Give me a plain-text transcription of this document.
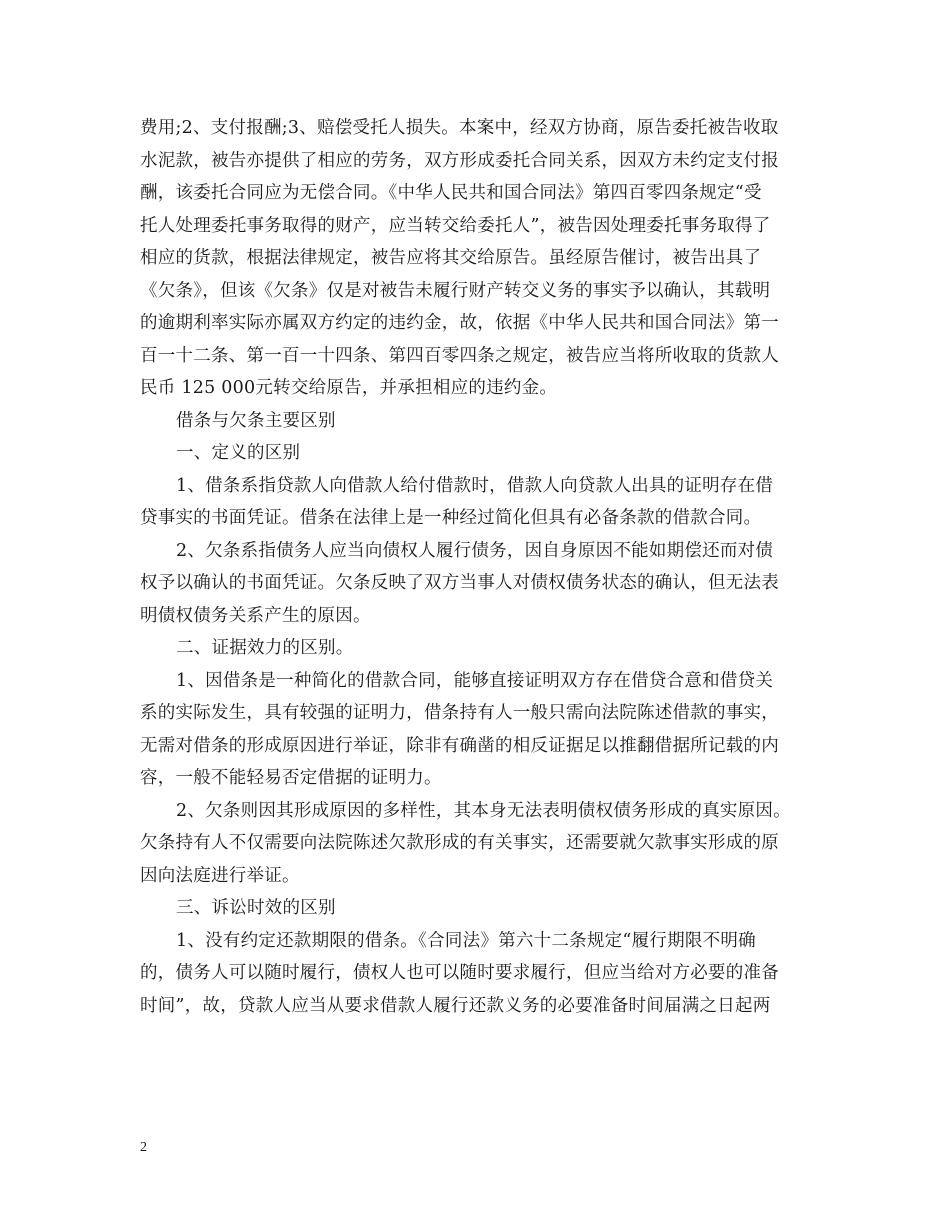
费用;2、支付报酬;3、赔偿受托人损失。本案中，经双方协商，原告委托被告收取
水泥款，被告亦提供了相应的劳务，双方形成委托合同关系，因双方未约定支付报
酬，该委托合同应为无偿合同。《中华人民共和国合同法》第四百零四条规定“受
托人处理委托事务取得的财产，应当转交给委托人”，被告因处理委托事务取得了
相应的货款，根据法律规定，被告应将其交给原告。虽经原告催讨，被告出具了
《欠条》，但该《欠条》仅是对被告未履行财产转交义务的事实予以确认，其载明
的逾期利率实际亦属双方约定的违约金，故，依据《中华人民共和国合同法》第一
百一十二条、第一百一十四条、第四百零四条之规定，被告应当将所收取的货款人
民币 125 000元转交给原告，并承担相应的违约金。
借条与欠条主要区别
一、定义的区别
1、借条系指贷款人向借款人给付借款时，借款人向贷款人出具的证明存在借
贷事实的书面凭证。借条在法律上是一种经过简化但具有必备条款的借款合同。
2、欠条系指债务人应当向债权人履行债务，因自身原因不能如期偿还而对债
权予以确认的书面凭证。欠条反映了双方当事人对债权债务状态的确认，但无法表
明债权债务关系产生的原因。
二、证据效力的区别。
1、因借条是一种简化的借款合同，能够直接证明双方存在借贷合意和借贷关
系的实际发生，具有较强的证明力，借条持有人一般只需向法院陈述借款的事实，
无需对借条的形成原因进行举证，除非有确凿的相反证据足以推翻借据所记载的内
容，一般不能轻易否定借据的证明力。
2、欠条则因其形成原因的多样性，其本身无法表明债权债务形成的真实原因。
欠条持有人不仅需要向法院陈述欠款形成的有关事实，还需要就欠款事实形成的原
因向法庭进行举证。
三、诉讼时效的区别
1、没有约定还款期限的借条。《合同法》第六十二条规定“履行期限不明确
的，债务人可以随时履行，债权人也可以随时要求履行，但应当给对方必要的准备
时间”，故，贷款人应当从要求借款人履行还款义务的必要准备时间届满之日起两
2
